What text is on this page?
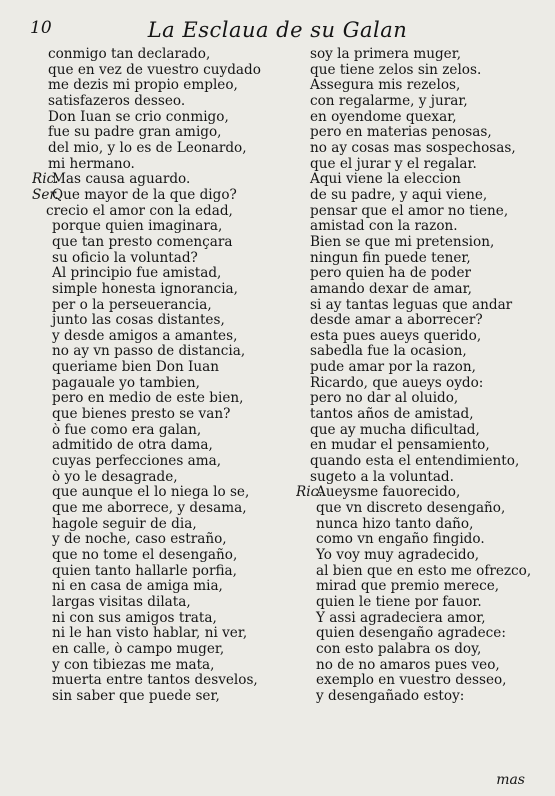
10	La Esclaua de su Galan
conmigo tan declarado,
que en vez de vuestro cuydado
me dezis mi propio empleo,
satisfazeros desseo.
Don Iuan se crio conmigo,
fue su padre gran amigo,
del mio, y lo es de Leonardo,
mi hermano.
Ric.Mas causa aguardo.
Ser.Que mayor de la que digo?
crecio el amor con la edad,
porque quien imaginara,
que tan presto començara
su oficio la voluntad?
Al principio fue amistad,
simple honesta ignorancia,
per o la perseuerancia,
junto las cosas distantes,
y desde amigos a amantes,
no ay vn passo de distancia,
queriame bien Don Iuan
pagauale yo tambien,
pero en medio de este bien,
que bienes presto se van?
ò fue como era galan,
admitido de otra dama,
cuyas perfecciones ama,
ò yo le desagrade,
que aunque el lo niega lo se,
que me aborrece, y desama,
hagole seguir de dia,
y de noche, caso estraño,
que no tome el desengaño,
quien tanto hallarle porfia,
ni en casa de amiga mia,
largas visitas dilata,
ni con sus amigos trata,
ni le han visto hablar, ni ver,
en calle, ò campo muger,
y con tibiezas me mata,
muerta entre tantos desvelos,
sin saber que puede ser,
soy la primera muger,
que tiene zelos sin zelos.
Assegura mis rezelos,
con regalarme, y jurar,
en oyendome quexar,
pero en materias penosas,
no ay cosas mas sospechosas,
que el jurar y el regalar.
Aqui viene la eleccion
de su padre, y aqui viene,
pensar que el amor no tiene,
amistad con la razon.
Bien se que mi pretension,
ningun fin puede tener,
pero quien ha de poder
amando dexar de amar,
si ay tantas leguas que andar
desde amar a aborrecer?
esta pues aueys querido,
sabedla fue la ocasion,
pude amar por la razon,
Ricardo, que aueys oydo:
pero no dar al oluido,
tantos años de amistad,
que ay mucha dificultad,
en mudar el pensamiento,
quando esta el entendimiento,
sugeto a la voluntad.
Ric.Aueysme fauorecido,
que vn discreto desengaño,
nunca hizo tanto daño,
como vn engaño fingido.
Yo voy muy agradecido,
al bien que en esto me ofrezco,
mirad que premio merece,
quien le tiene por fauor.
Y assi agradeciera amor,
quien desengaño agradece:
con esto palabra os doy,
no de no amaros pues veo,
exemplo en vuestro desseo,
y desengañado estoy:
mas
